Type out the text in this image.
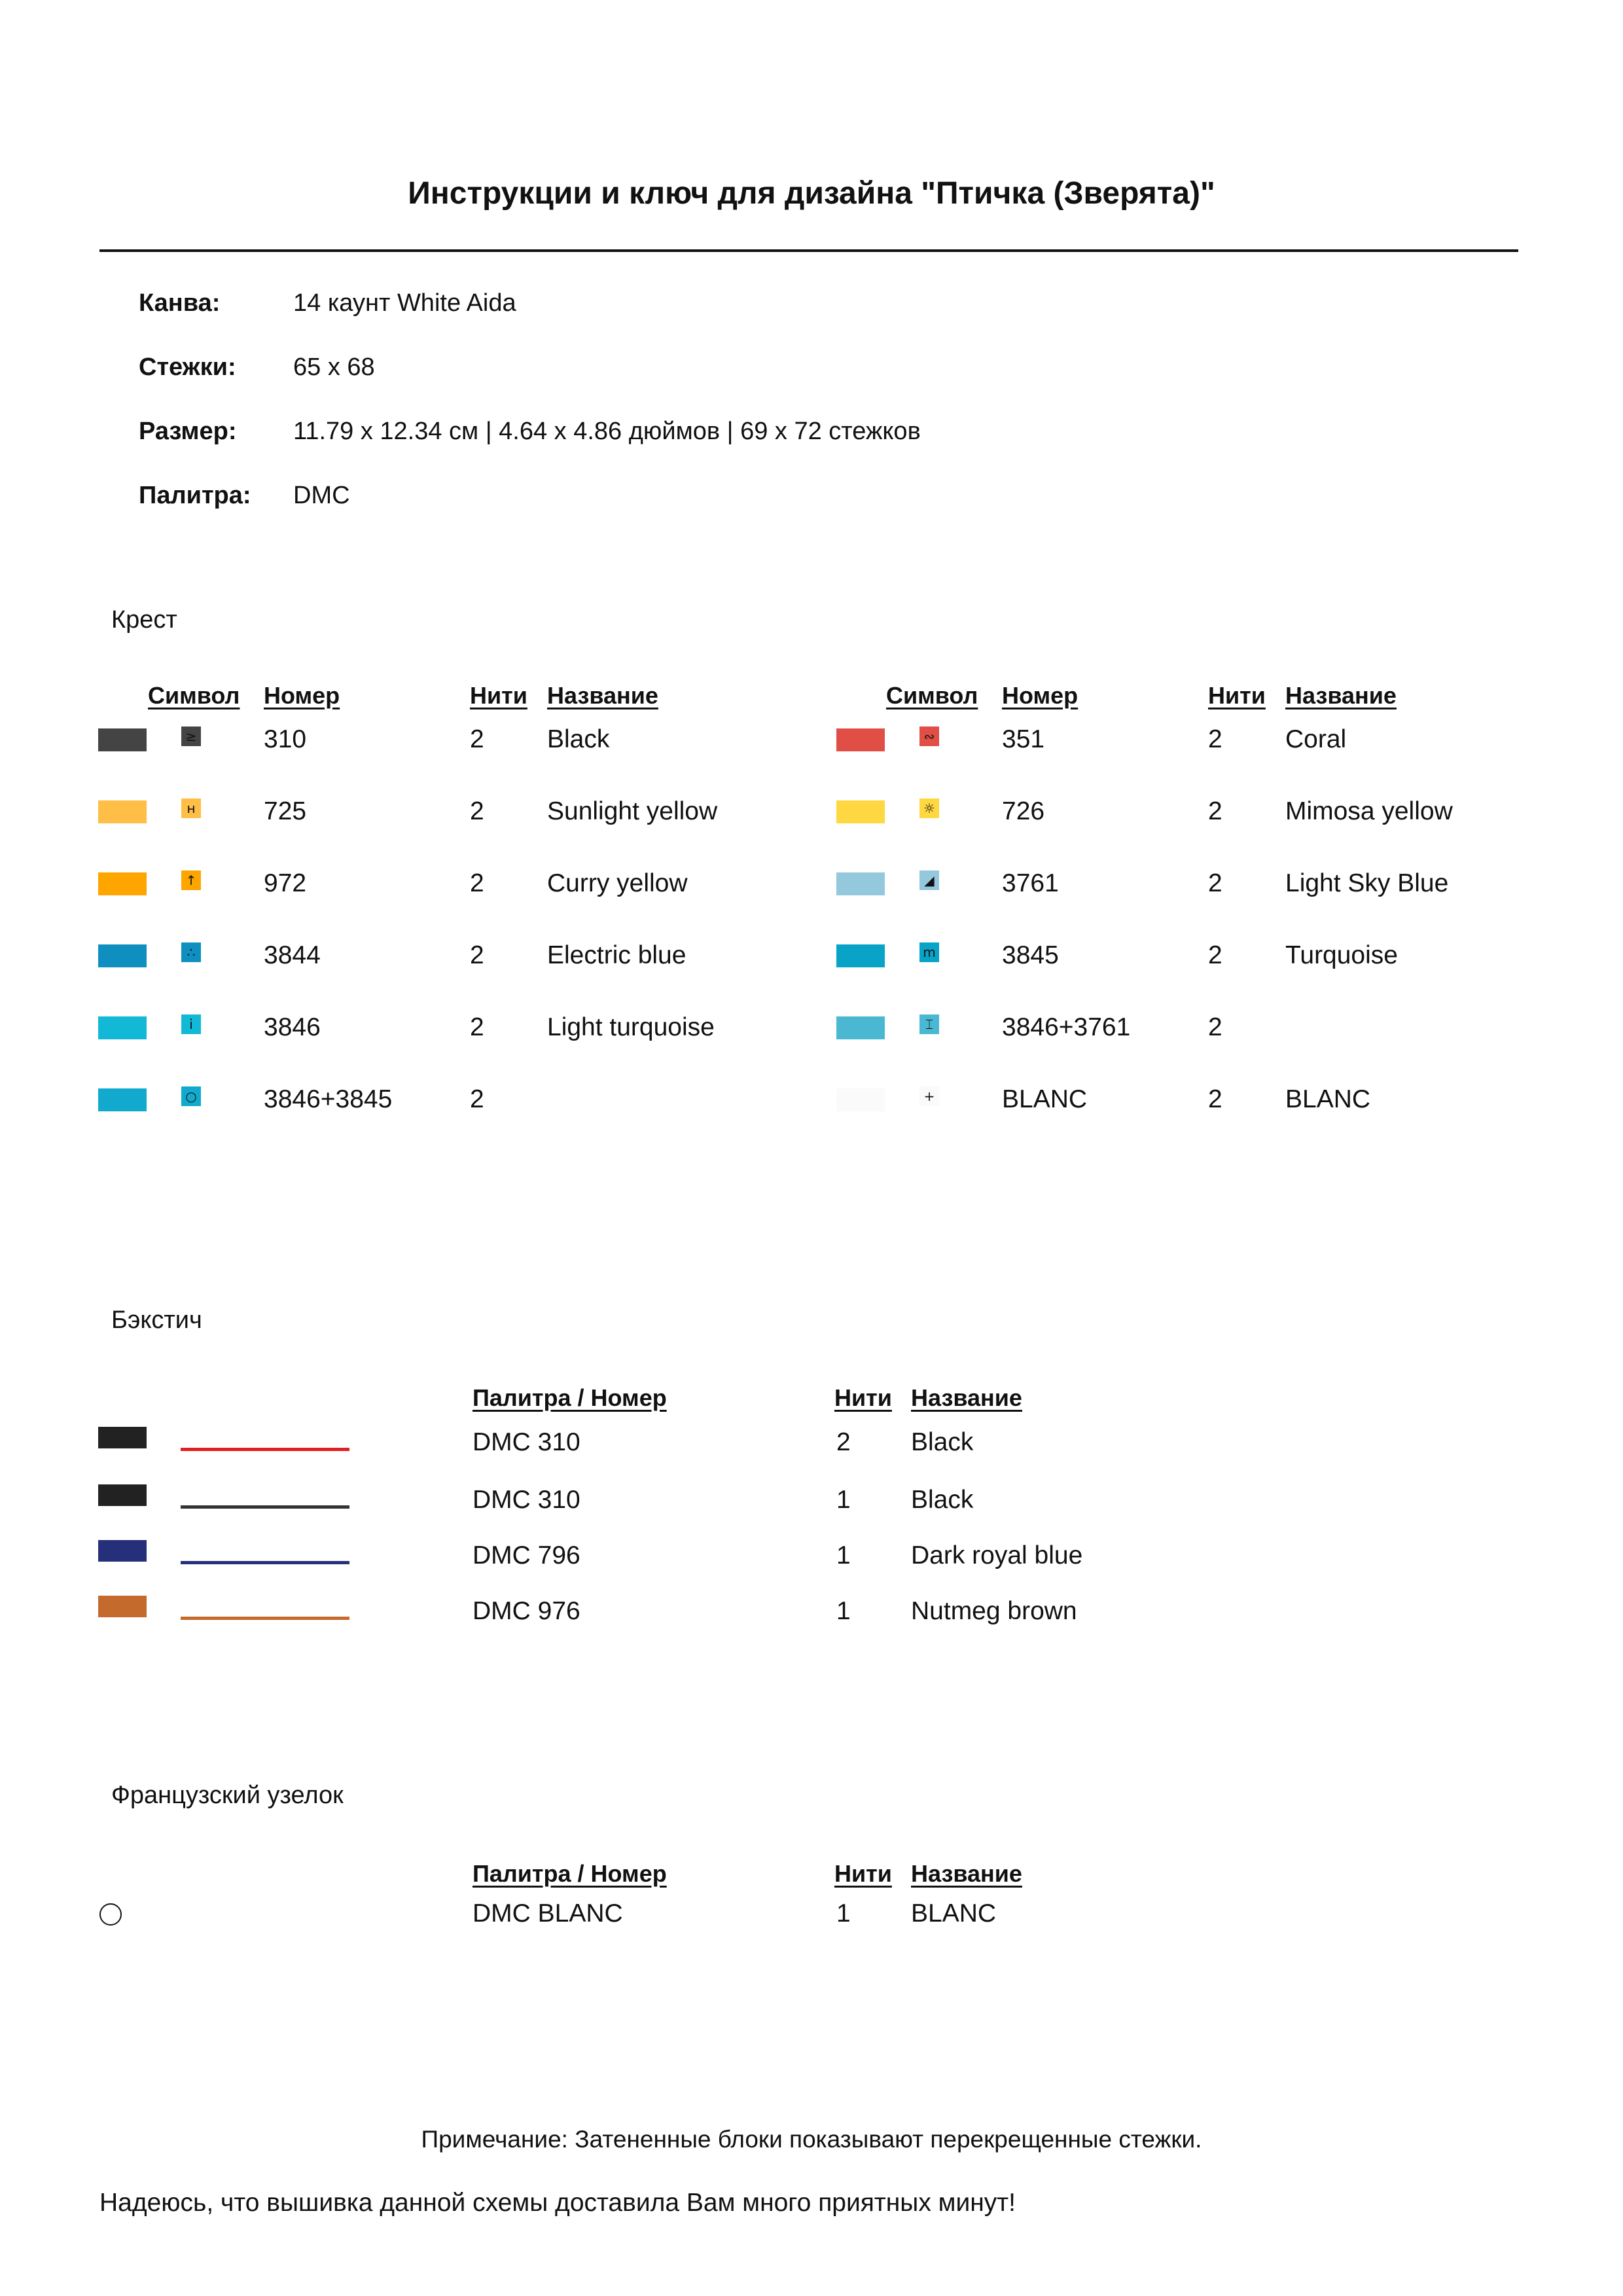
Инструкции и ключ для дизайна "Птичка (Зверята)"
Канва:	14 каунт White Aida
Стежки: 65 x 68
Размер: 11.79 x 12.34 см | 4.64 x 4.86 дюймов | 69 x 72 стежков
Палитра: DMC
Крест
Символ Номер	Нити Название	Символ Номер	Нити Название
≥	310	2 Black
н	725	2 Sunlight yellow
↑	972	2 Curry yellow
∴	3844	2 Electric blue
i	3846	2 Light turquoise
○	3846+3845	2
∾	351	2 Coral
☼	726	2 Mimosa yellow
◢	3761	2 Light Sky Blue
m	3845	2 Turquoise
⌶	3846+3761	2
+	BLANC	2 BLANC
Бэкстич
Палитра / Номер	Нити Название
DMC 310	2 Black
DMC 310	1 Black
DMC 796	1 Dark royal blue
DMC 976	1 Nutmeg brown
Французский узелок
Палитра / Номер	Нити Название
DMC BLANC	1 BLANC
Примечание: Затененные блоки показывают перекрещенные стежки.
Надеюсь, что вышивка данной схемы доставила Вам много приятных минут!
